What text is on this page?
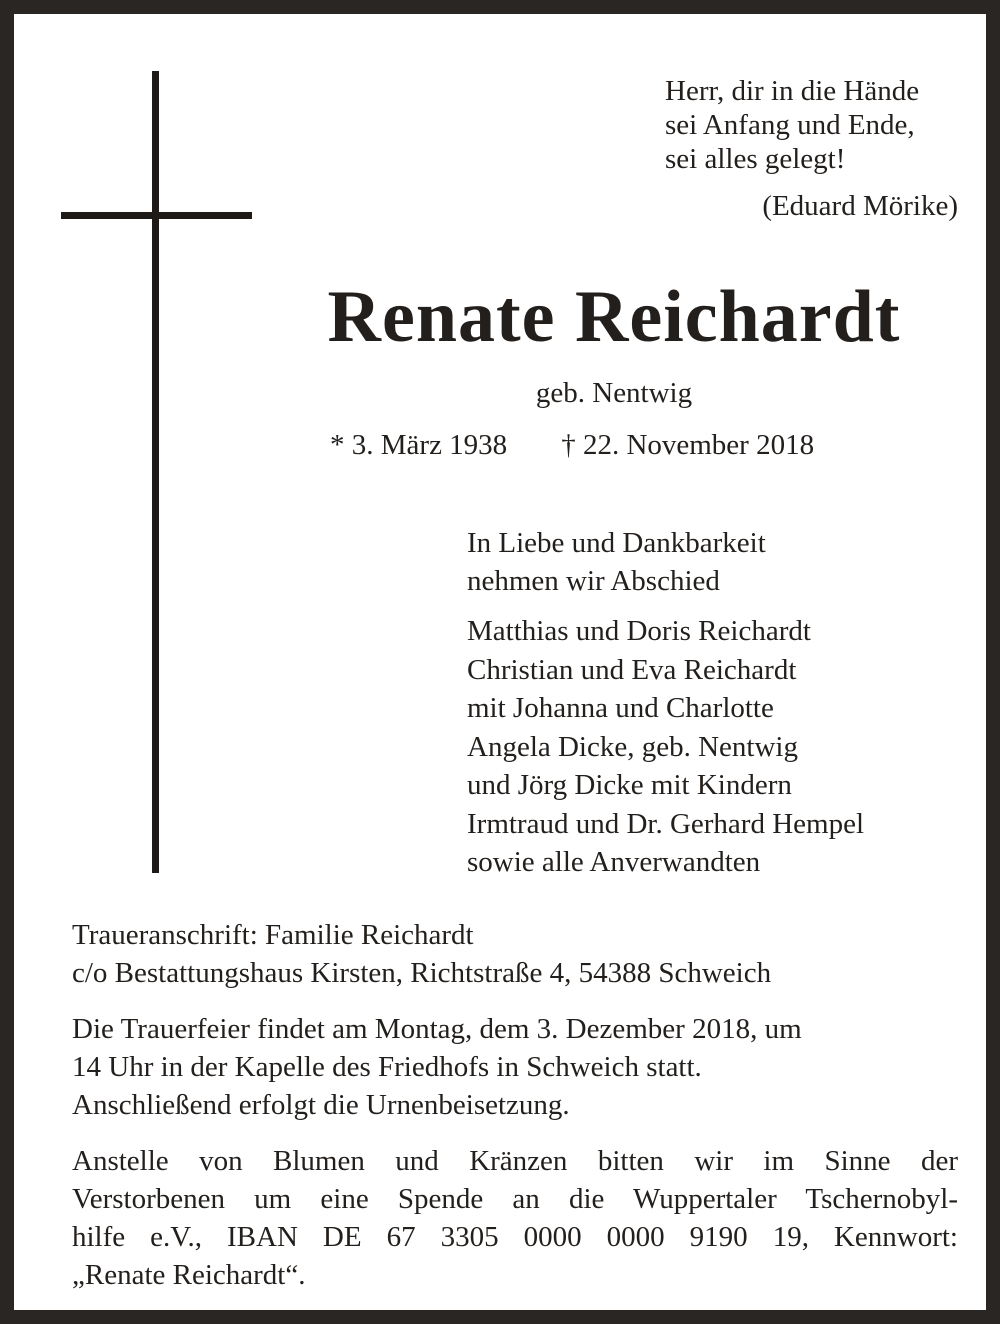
Herr, dir in die Hände
sei Anfang und Ende,
sei alles gelegt!
(Eduard Mörike)
Renate Reichardt
geb. Nentwig
* 3. März 1938 † 22. November 2018
In Liebe und Dankbarkeit
nehmen wir Abschied
Matthias und Doris Reichardt
Christian und Eva Reichardt
mit Johanna und Charlotte
Angela Dicke, geb. Nentwig
und Jörg Dicke mit Kindern
Irmtraud und Dr. Gerhard Hempel
sowie alle Anverwandten
Traueranschrift: Familie Reichardt
c/o Bestattungshaus Kirsten, Richtstraße 4, 54388 Schweich
Die Trauerfeier findet am Montag, dem 3. Dezember 2018, um
14 Uhr in der Kapelle des Friedhofs in Schweich statt.
Anschließend erfolgt die Urnenbeisetzung.
Anstelle von Blumen und Kränzen bitten wir im Sinne der
Verstorbenen um eine Spende an die Wuppertaler Tschernobyl-
hilfe e.V., IBAN DE 67 3305 0000 0000 9190 19, Kennwort:
„Renate Reichardt“.
